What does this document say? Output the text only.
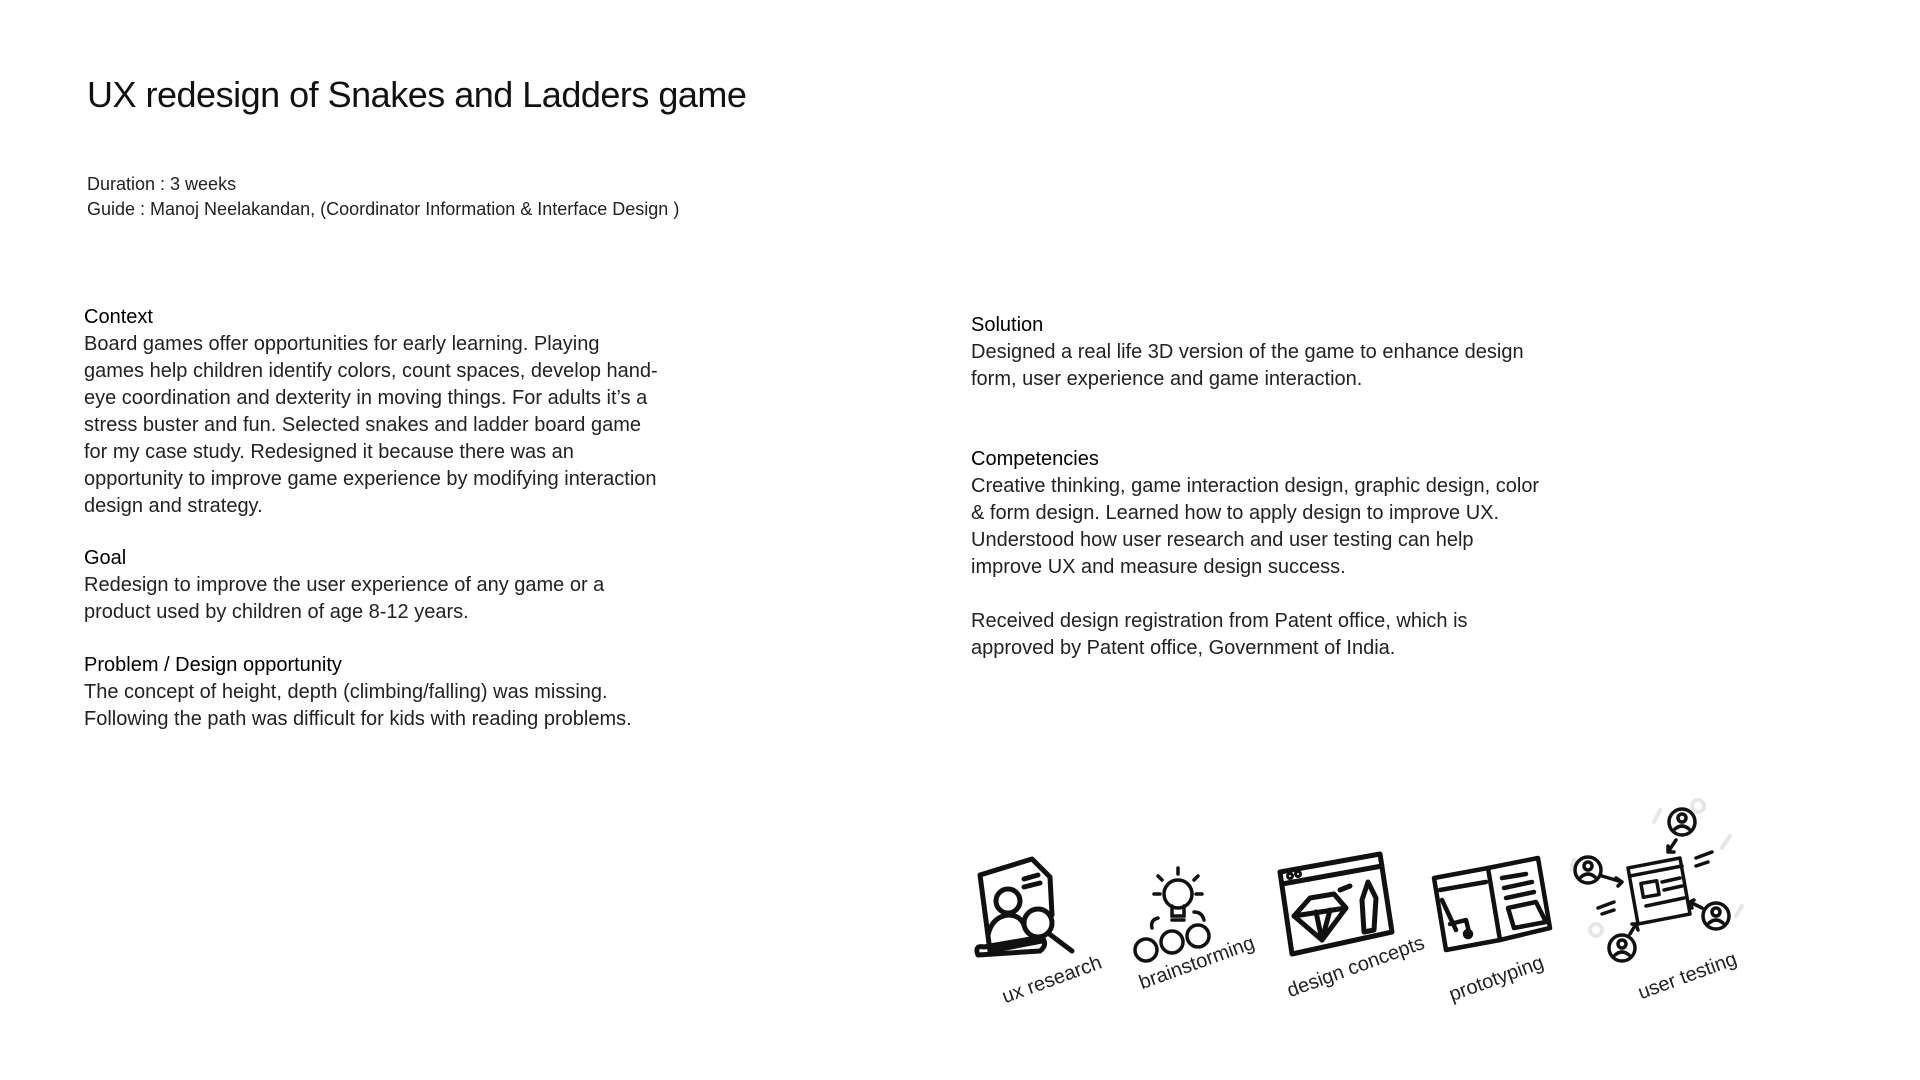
UX redesign of Snakes and Ladders game
Duration : 3 weeks
Guide : Manoj Neelakandan, (Coordinator Information & Interface Design )
Context

Board games offer opportunities for early learning. Playing games help children identify colors, count spaces, develop hand-eye coordination and dexterity in moving things. For adults it’s a stress buster and fun. Selected snakes and ladder board game for my case study. Redesigned it because there was an opportunity to improve game experience by modifying interaction design and strategy.

Goal

Redesign to improve the user experience of any game or a product used by children of age 8-12 years.

Problem / Design opportunity

The concept of height, depth (climbing/falling) was missing. Following the path was difficult for kids with reading problems.

Solution

Designed a real life 3D version of the game to enhance design form, user experience and game interaction.

Competencies

Creative thinking, game interaction design, graphic design, color & form design. Learned how to apply design to improve UX. Understood how user research and user testing can help improve UX and measure design success.

Received design registration from Patent office, which is approved by Patent office, Government of India.

ux research brainstorming design concepts prototyping	user testing
